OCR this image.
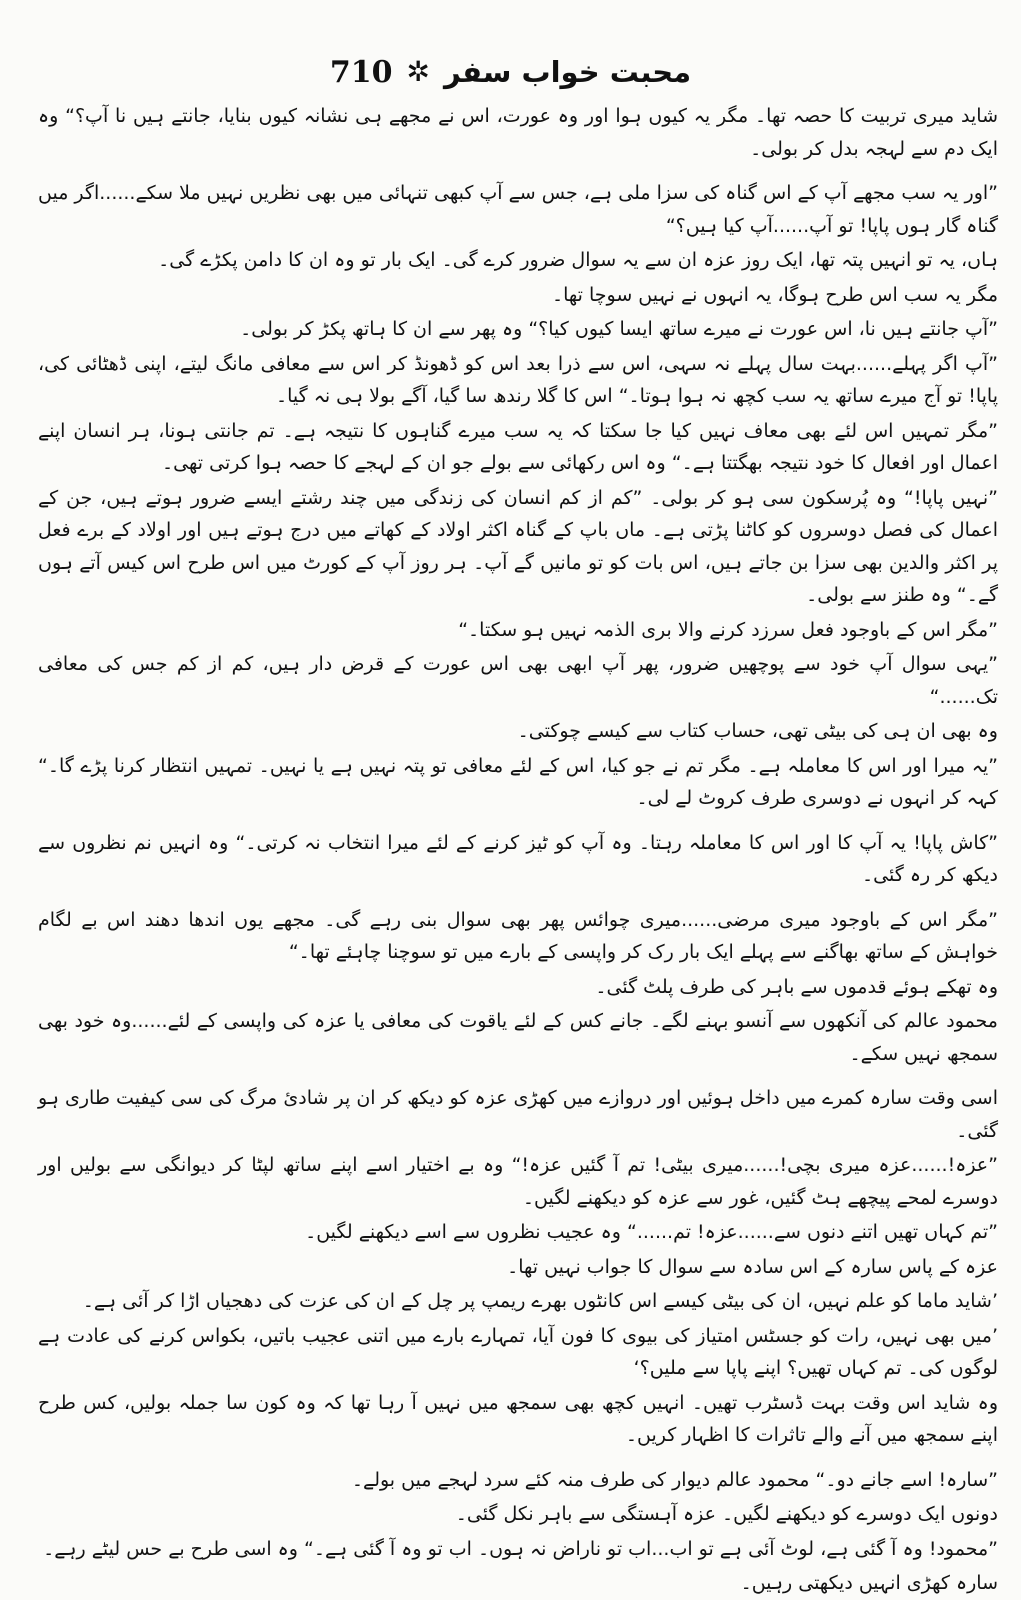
710 ✲ محبت خواب سفر

شاید میری تربیت کا حصہ تھا۔ مگر یہ کیوں ہوا اور وہ عورت، اس نے مجھے ہی نشانہ کیوں بنایا، جانتے ہیں نا آپ؟“ وہ ایک دم سے لہجہ بدل کر بولی۔

”اور یہ سب مجھے آپ کے اس گناہ کی سزا ملی ہے، جس سے آپ کبھی تنہائی میں بھی نظریں نہیں ملا سکے......اگر میں گناہ گار ہوں پاپا! تو آپ......آپ کیا ہیں؟“

ہاں، یہ تو انہیں پتہ تھا، ایک روز عزہ ان سے یہ سوال ضرور کرے گی۔ ایک بار تو وہ ان کا دامن پکڑے گی۔

مگر یہ سب اس طرح ہوگا، یہ انہوں نے نہیں سوچا تھا۔

”آپ جانتے ہیں نا، اس عورت نے میرے ساتھ ایسا کیوں کیا؟“ وہ پھر سے ان کا ہاتھ پکڑ کر بولی۔

”آپ اگر پہلے......بہت سال پہلے نہ سہی، اس سے ذرا بعد اس کو ڈھونڈ کر اس سے معافی مانگ لیتے، اپنی ڈھٹائی کی، پاپا! تو آج میرے ساتھ یہ سب کچھ نہ ہوا ہوتا۔“ اس کا گلا رندھ سا گیا، آگے بولا ہی نہ گیا۔

”مگر تمہیں اس لئے بھی معاف نہیں کیا جا سکتا کہ یہ سب میرے گناہوں کا نتیجہ ہے۔ تم جانتی ہونا، ہر انسان اپنے اعمال اور افعال کا خود نتیجہ بھگتتا ہے۔“ وہ اس رکھائی سے بولے جو ان کے لہجے کا حصہ ہوا کرتی تھی۔

”نہیں پاپا!“ وہ پُرسکون سی ہو کر بولی۔ ”کم از کم انسان کی زندگی میں چند رشتے ایسے ضرور ہوتے ہیں، جن کے اعمال کی فصل دوسروں کو کاٹنا پڑتی ہے۔ ماں باپ کے گناہ اکثر اولاد کے کھاتے میں درج ہوتے ہیں اور اولاد کے برے فعل پر اکثر والدین بھی سزا بن جاتے ہیں، اس بات کو تو مانیں گے آپ۔ ہر روز آپ کے کورٹ میں اس طرح اس کیس آتے ہوں گے۔“ وہ طنز سے بولی۔

”مگر اس کے باوجود فعل سرزد کرنے والا بری الذمہ نہیں ہو سکتا۔“

”یہی سوال آپ خود سے پوچھیں ضرور، پھر آپ ابھی بھی اس عورت کے قرض دار ہیں، کم از کم جس کی معافی تک......“

وہ بھی ان ہی کی بیٹی تھی، حساب کتاب سے کیسے چوکتی۔

”یہ میرا اور اس کا معاملہ ہے۔ مگر تم نے جو کیا، اس کے لئے معافی تو پتہ نہیں ہے یا نہیں۔ تمہیں انتظار کرنا پڑے گا۔“ کہہ کر انہوں نے دوسری طرف کروٹ لے لی۔

”کاش پاپا! یہ آپ کا اور اس کا معاملہ رہتا۔ وہ آپ کو ٹیز کرنے کے لئے میرا انتخاب نہ کرتی۔“ وہ انہیں نم نظروں سے دیکھ کر رہ گئی۔

”مگر اس کے باوجود میری مرضی......میری چوائس پھر بھی سوال بنی رہے گی۔ مجھے یوں اندھا دھند اس بے لگام خواہش کے ساتھ بھاگنے سے پہلے ایک بار رک کر واپسی کے بارے میں تو سوچنا چاہئے تھا۔“

وہ تھکے ہوئے قدموں سے باہر کی طرف پلٹ گئی۔

محمود عالم کی آنکھوں سے آنسو بہنے لگے۔ جانے کس کے لئے یاقوت کی معافی یا عزہ کی واپسی کے لئے......وہ خود بھی سمجھ نہیں سکے۔

اسی وقت سارہ کمرے میں داخل ہوئیں اور دروازے میں کھڑی عزہ کو دیکھ کر ان پر شادیٔ مرگ کی سی کیفیت طاری ہو گئی۔

”عزہ!......عزہ میری بچی!......میری بیٹی! تم آ گئیں عزہ!“ وہ بے اختیار اسے اپنے ساتھ لپٹا کر دیوانگی سے بولیں اور دوسرے لمحے پیچھے ہٹ گئیں، غور سے عزہ کو دیکھنے لگیں۔

”تم کہاں تھیں اتنے دنوں سے......عزہ! تم......“ وہ عجیب نظروں سے اسے دیکھنے لگیں۔

عزہ کے پاس سارہ کے اس سادہ سے سوال کا جواب نہیں تھا۔

’شاید ماما کو علم نہیں، ان کی بیٹی کیسے اس کانٹوں بھرے ریمپ پر چل کے ان کی عزت کی دھجیاں اڑا کر آئی ہے۔

’میں بھی نہیں، رات کو جسٹس امتیاز کی بیوی کا فون آیا، تمہارے بارے میں اتنی عجیب باتیں، بکواس کرنے کی عادت ہے لوگوں کی۔ تم کہاں تھیں؟ اپنے پاپا سے ملیں؟‘

وہ شاید اس وقت بہت ڈسٹرب تھیں۔ انہیں کچھ بھی سمجھ میں نہیں آ رہا تھا کہ وہ کون سا جملہ بولیں، کس طرح اپنے سمجھ میں آنے والے تاثرات کا اظہار کریں۔

”سارہ! اسے جانے دو۔“ محمود عالم دیوار کی طرف منہ کئے سرد لہجے میں بولے۔

دونوں ایک دوسرے کو دیکھنے لگیں۔ عزہ آہستگی سے باہر نکل گئی۔

”محمود! وہ آ گئی ہے، لوٹ آئی ہے تو اب...اب تو ناراض نہ ہوں۔ اب تو وہ آ گئی ہے۔“ وہ اسی طرح بے حس لیٹے رہے۔

سارہ کھڑی انہیں دیکھتی رہیں۔
